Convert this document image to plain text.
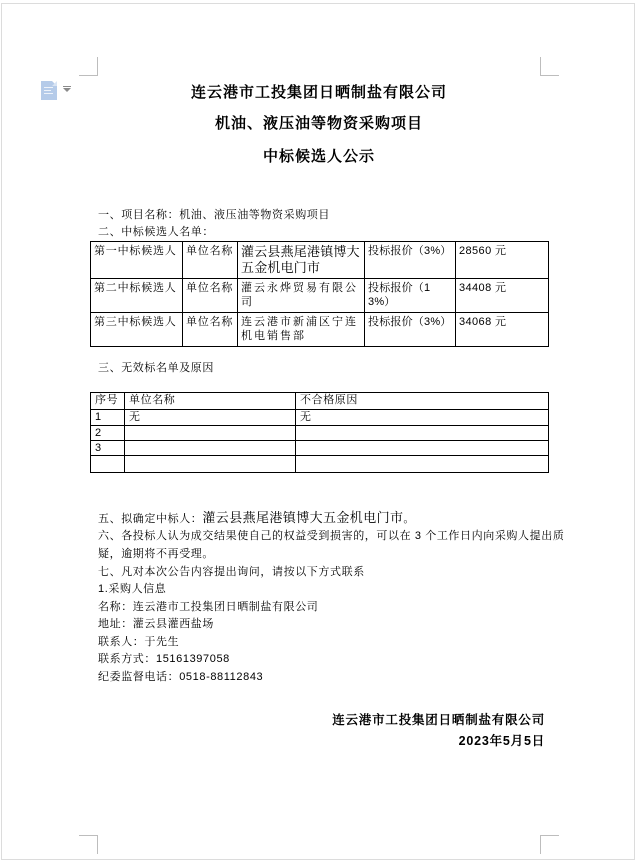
连云港市工投集团日晒制盐有限公司
机油、液压油等物资采购项目
中标候选人公示
一、项目名称：机油、液压油等物资采购项目
二、中标候选人名单：
第一中标候选人	单位名称	灌云县燕尾港镇博大五金机电门市	投标报价（3%）	28560 元
第二中标候选人	单位名称	灌云永烨贸易有限公司	投标报价（13%）	34408 元
第三中标候选人	单位名称	连云港市新浦区宁连机电销售部	投标报价（3%）	34068 元
三、无效标名单及原因
序号	单位名称	不合格原因
1	无	无
2		
3		

五、拟确定中标人：灌云县燕尾港镇博大五金机电门市。
六、各投标人认为成交结果使自己的权益受到损害的，可以在 3 个工作日内向采购人提出质
疑，逾期将不再受理。
七、凡对本次公告内容提出询问，请按以下方式联系
1.采购人信息
名称：连云港市工投集团日晒制盐有限公司
地址：灌云县灌西盐场
联系人：于先生
联系方式：15161397058
纪委监督电话：0518-88112843
连云港市工投集团日晒制盐有限公司
2023年5月5日
